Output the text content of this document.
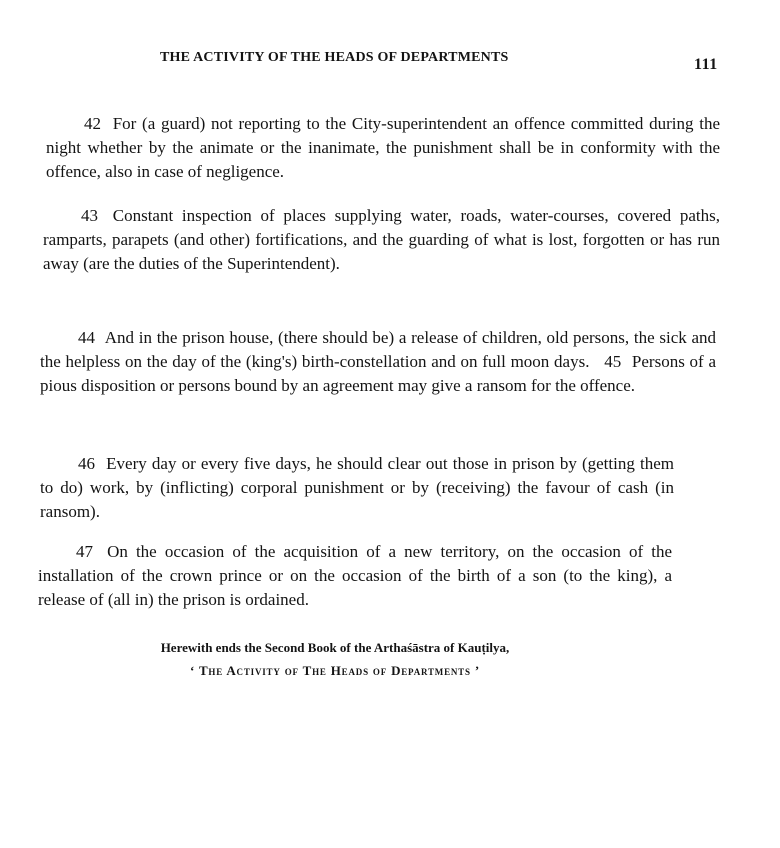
THE ACTIVITY OF THE HEADS OF DEPARTMENTS	111
42 For (a guard) not reporting to the City-superintendent an offence committed during the night whether by the animate or the inanimate, the punishment shall be in conformity with the offence, also in case of negligence.
43 Constant inspection of places supplying water, roads, water-courses, covered paths, ramparts, parapets (and other) fortifications, and the guarding of what is lost, forgotten or has run away (are the duties of the Superintendent).
44 And in the prison house, (there should be) a release of children, old persons, the sick and the helpless on the day of the (king's) birth-constellation and on full moon days. 45 Persons of a pious disposition or persons bound by an agreement may give a ransom for the offence.
46 Every day or every five days, he should clear out those in prison by (getting them to do) work, by (inflicting) corporal punishment or by (receiving) the favour of cash (in ransom).
47 On the occasion of the acquisition of a new territory, on the occasion of the installation of the crown prince or on the occasion of the birth of a son (to the king), a release of (all in) the prison is ordained.
Herewith ends the Second Book of the Arthaśāstra of Kauṭilya,
‘ The Activity of The Heads of Departments ’
